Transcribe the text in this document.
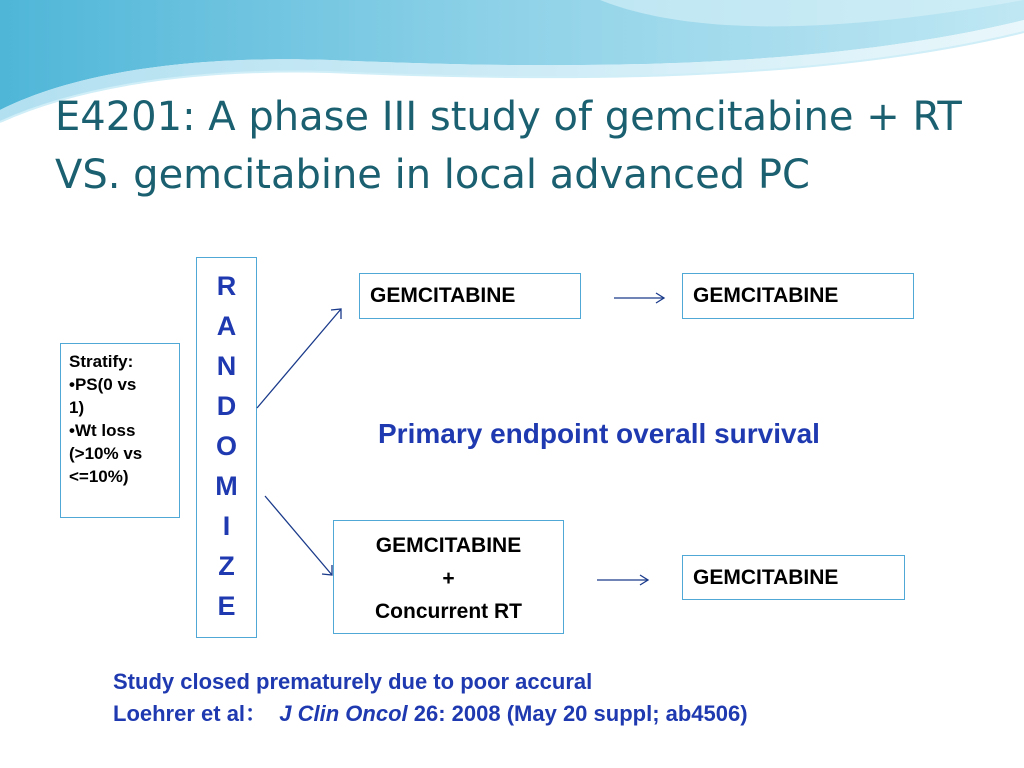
E4201: A phase III study of gemcitabine + RT
VS. gemcitabine in local advanced PC
Stratify:
•PS(0 vs
1)
•Wt loss
(>10% vs
<=10%)
R
A
N
D
O
M
I
Z
E
GEMCITABINE	GEMCITABINE
GEMCITABINE
+
Concurrent RT
GEMCITABINE
Primary endpoint overall survival
Study closed prematurely due to poor accural
Loehrer et al： J Clin Oncol 26: 2008 (May 20 suppl; ab4506)
